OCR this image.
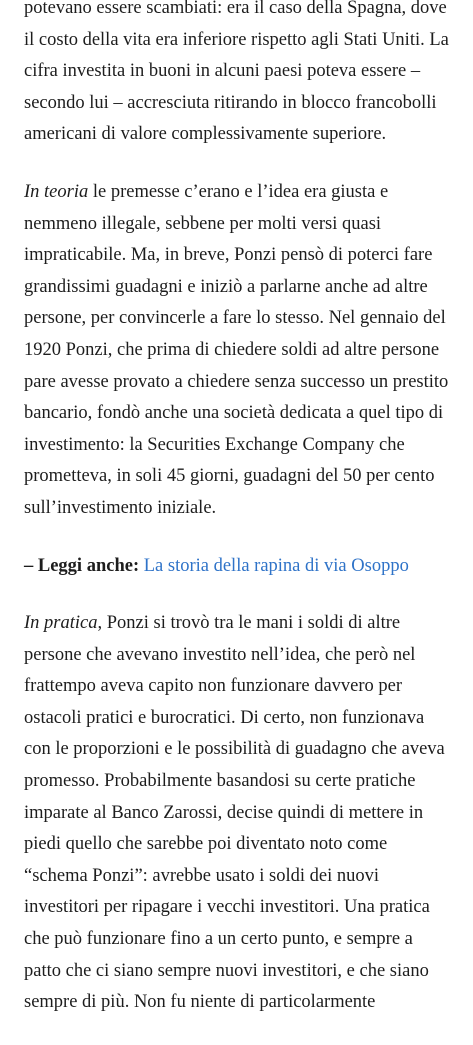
potevano essere scambiati: era il caso della Spagna, dove il costo della vita era inferiore rispetto agli Stati Uniti. La cifra investita in buoni in alcuni paesi poteva essere – secondo lui – accresciuta ritirando in blocco francobolli americani di valore complessivamente superiore.

In teoria le premesse c’erano e l’idea era giusta e nemmeno illegale, sebbene per molti versi quasi impraticabile. Ma, in breve, Ponzi pensò di poterci fare grandissimi guadagni e iniziò a parlarne anche ad altre persone, per convincerle a fare lo stesso. Nel gennaio del 1920 Ponzi, che prima di chiedere soldi ad altre persone pare avesse provato a chiedere senza successo un prestito bancario, fondò anche una società dedicata a quel tipo di investimento: la Securities Exchange Company che prometteva, in soli 45 giorni, guadagni del 50 per cento sull’investimento iniziale.

– Leggi anche: La storia della rapina di via Osoppo

In pratica, Ponzi si trovò tra le mani i soldi di altre persone che avevano investito nell’idea, che però nel frattempo aveva capito non funzionare davvero per ostacoli pratici e burocratici. Di certo, non funzionava con le proporzioni e le possibilità di guadagno che aveva promesso. Probabilmente basandosi su certe pratiche imparate al Banco Zarossi, decise quindi di mettere in piedi quello che sarebbe poi diventato noto come “schema Ponzi”: avrebbe usato i soldi dei nuovi investitori per ripagare i vecchi investitori. Una pratica che può funzionare fino a un certo punto, e sempre a patto che ci siano sempre nuovi investitori, e che siano sempre di più. Non fu niente di particolarmente
